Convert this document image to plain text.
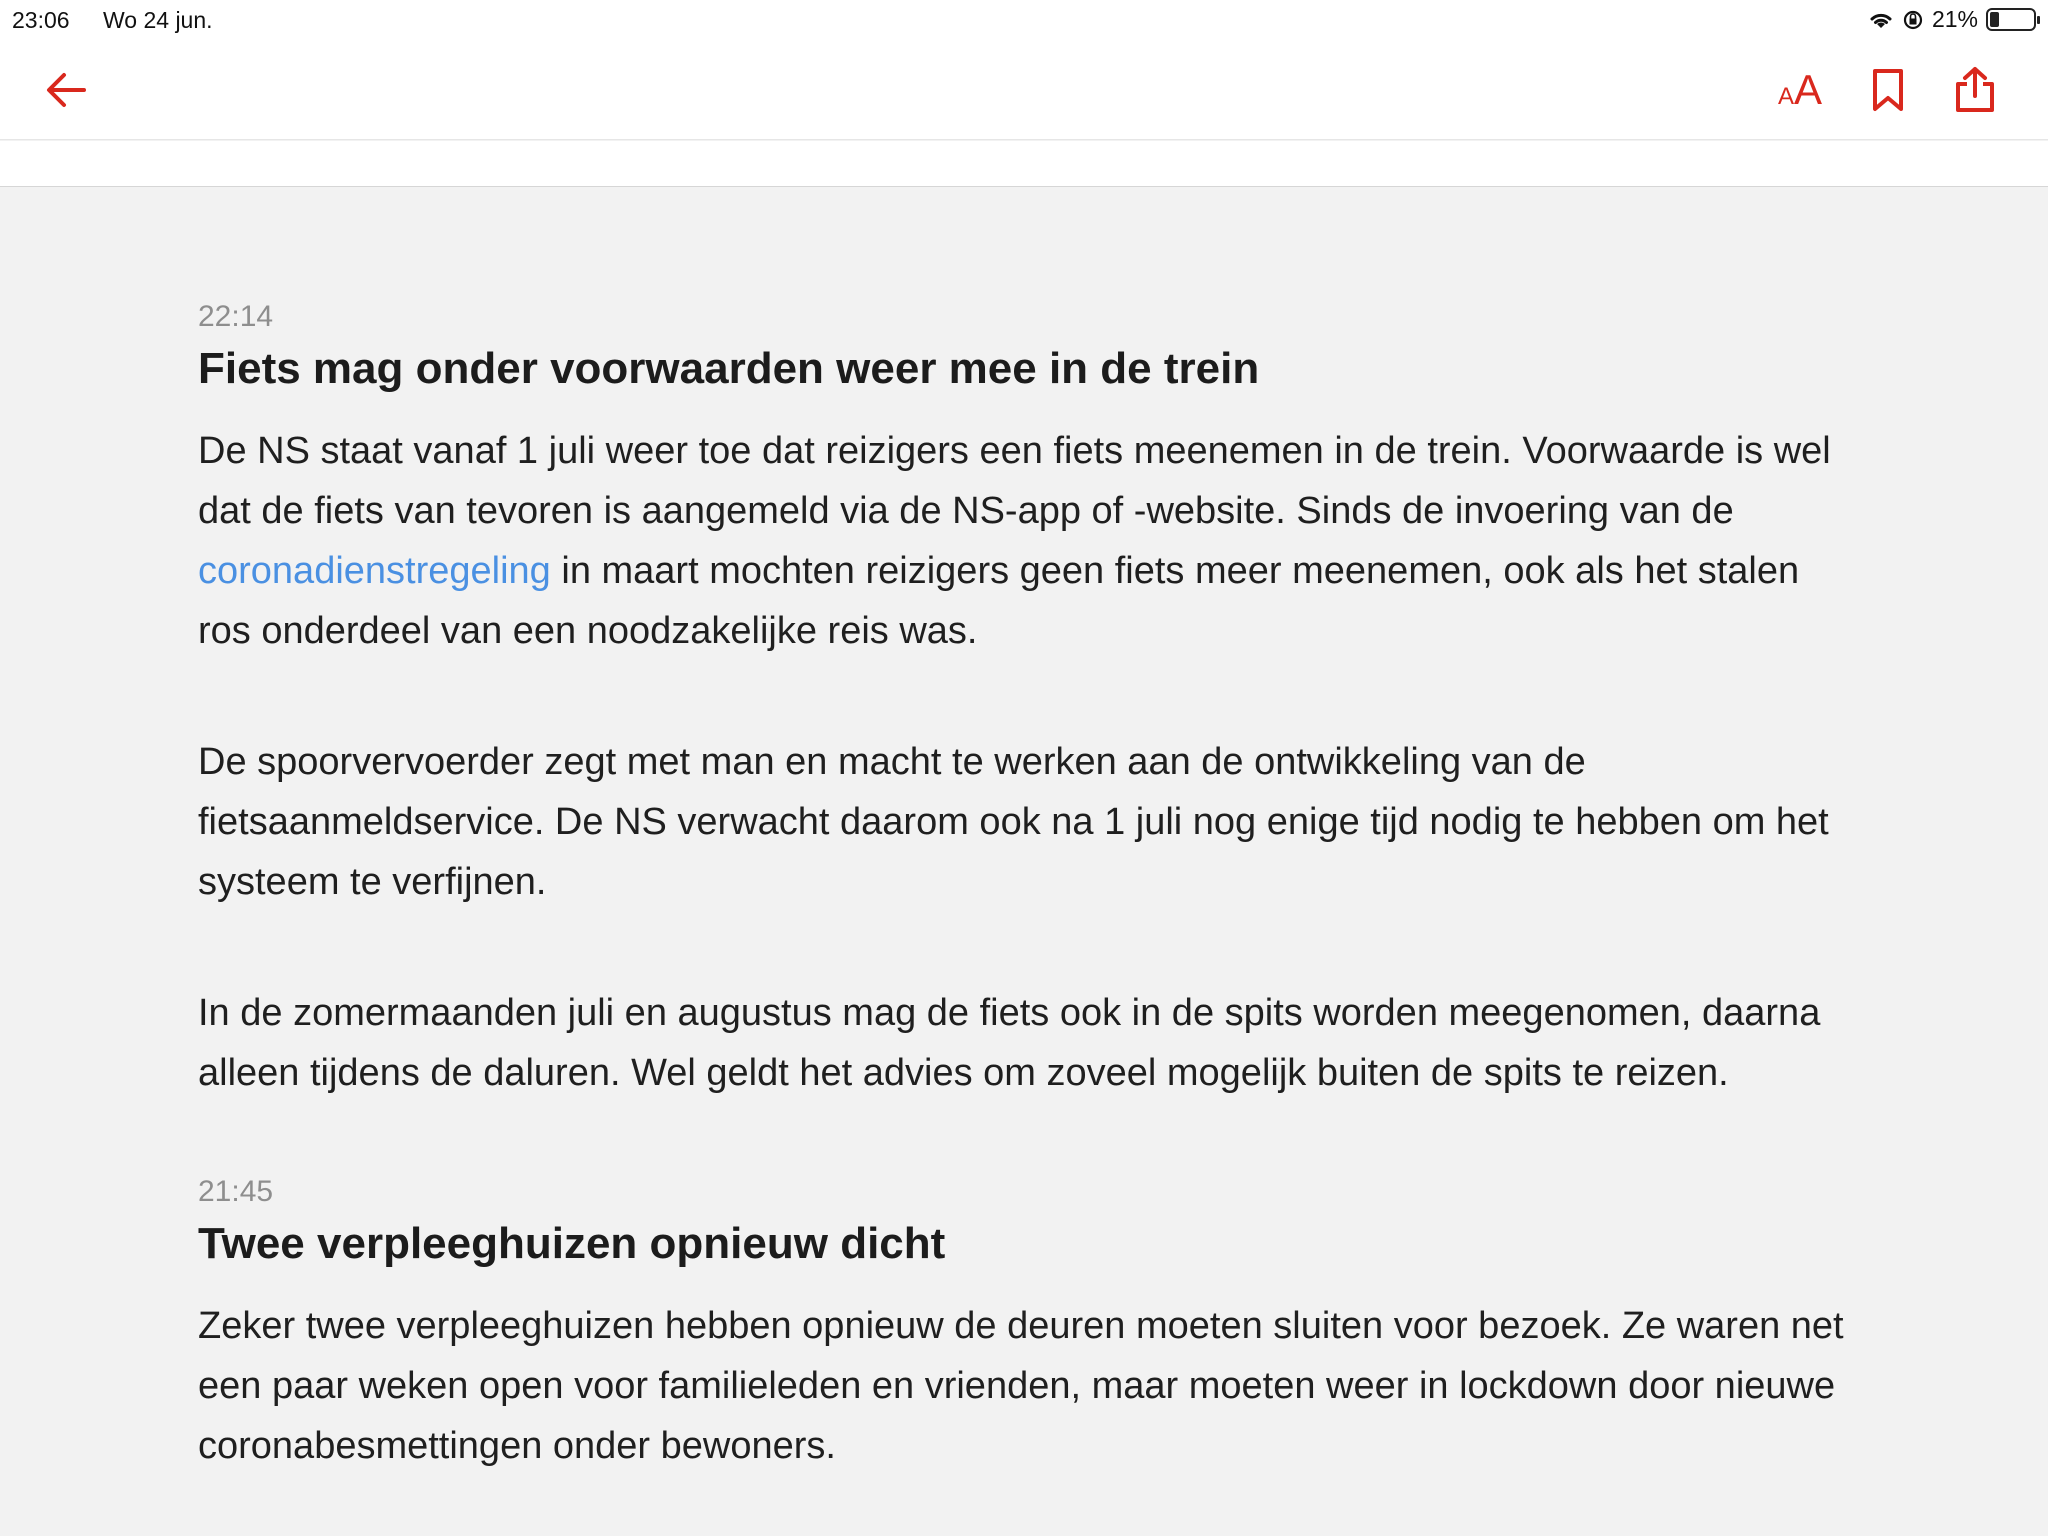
23:06 Wo 24 jun.	21%
AA
22:14
Fiets mag onder voorwaarden weer mee in de trein

De NS staat vanaf 1 juli weer toe dat reizigers een fiets meenemen in de trein. Voorwaarde is wel dat de fiets van tevoren is aangemeld via de NS-app of -website. Sinds de invoering van de coronadienstregeling in maart mochten reizigers geen fiets meer meenemen, ook als het stalen ros onderdeel van een noodzakelijke reis was.

De spoorvervoerder zegt met man en macht te werken aan de ontwikkeling van de fietsaanmeldservice. De NS verwacht daarom ook na 1 juli nog enige tijd nodig te hebben om het systeem te verfijnen.

In de zomermaanden juli en augustus mag de fiets ook in de spits worden meegenomen, daarna alleen tijdens de daluren. Wel geldt het advies om zoveel mogelijk buiten de spits te reizen.

21:45
Twee verpleeghuizen opnieuw dicht

Zeker twee verpleeghuizen hebben opnieuw de deuren moeten sluiten voor bezoek. Ze waren net een paar weken open voor familieleden en vrienden, maar moeten weer in lockdown door nieuwe coronabesmettingen onder bewoners.
